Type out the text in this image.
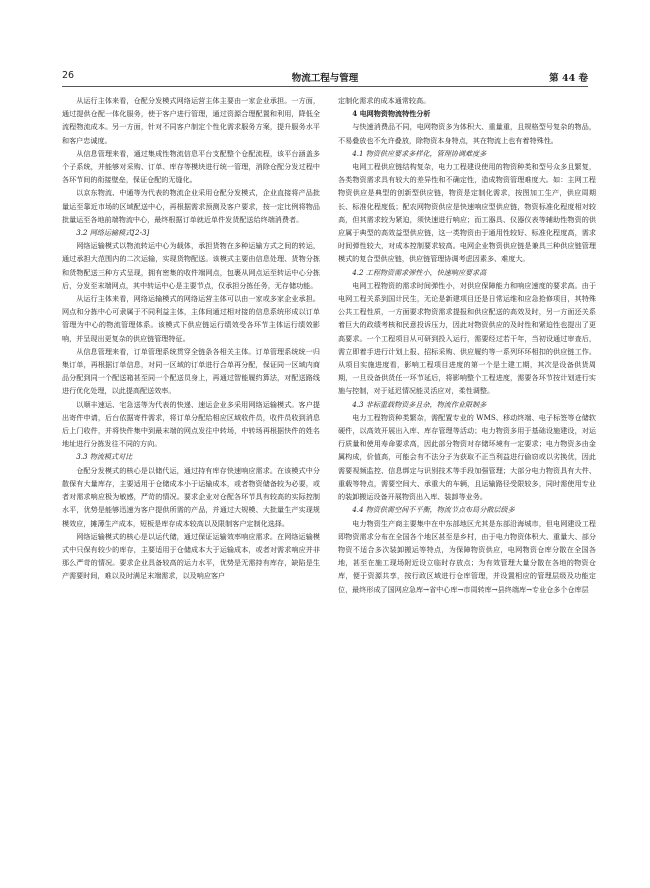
26	物流工程与管理	第 44 卷

从运行主体来看，仓配分发模式网络运营主体主要由一家企业承担。一方面，通过提供仓配一体化服务，使于客户进行管理，通过资源合理配置和利用，降低全流程物流成本。另一方面，针对不同客户制定个性化需求服务方案，提升服务水平和客户忠诚度。

从信息管理来看，通过集成性物流信息平台支配整个仓配流程，该平台涵盖多个子系统，并能够对采购、订单、库存等模块进行统一管理，消除仓配分发过程中各环节间的衔接壁垒，保证仓配的无缝化。

以京东物流、中通等为代表的物流企业采用仓配分发模式，企业直接将产品批量运至靠近市场的区域配送中心，再根据需求预测及客户要求，按一定比例将物品批量运至各地前端物流中心，最终根据订单就近单件发货配送给终端消费者。

3.2 网络运输模式[2-3]

网络运输模式以物流转运中心为载体，承担货物在多种运输方式之间的转运，通过承担大范围内的二次运输，实现货物配送。该模式主要由信息处理、货物分拣和货物配送三种方式呈现，拥有密集的收件端网点，包裹从网点运至转运中心分拣后，分发至末端网点，其中转运中心是主要节点，仅承担分拣任务，无存储功能。

从运行主体来看，网络运输模式的网络运营主体可以由一家或多家企业承担。网点和分拣中心可隶属于不同利益主体，主体间通过相对接的信息系统形成以订单管理为中心的物流管理体系。该模式下供应链运行绩效受各环节主体运行绩效影响，并呈现出更复杂的供应链管理特征。

从信息管理来看，订单管理系统贯穿全链条各相关主体。订单管理系统统一归集订单，再根据订单信息，对同一区域的订单进行合单再分配，保证同一区域内商品分配到同一个配送箱甚至同一个配送员身上，再通过智能履约算法，对配送路线进行优化处理，以此提高配送效率。

以顺丰速运、宅急送等为代表的快递、速运企业多采用网络运输模式。客户提出寄件申请，后台依据寄件需求，将订单分配给相应区域收件员，收件员收到消息后上门收件，并将快件集中到最末端的网点发往中转场，中转场再根据快件的姓名地址进行分拣发往不同的方向。

3.3 物流模式对比

仓配分发模式的核心是以储代运，通过持有库存快速响应需求。在该模式中分散保有大量库存，主要适用于仓储成本小于运输成本，或者物资储备较为必要，或者对需求响应极为敏感，严苛的情况。要求企业对仓配各环节具有较高的实际控制水平，优势是能够迅速为客户提供所需的产品，并通过大规模、大批量生产实现规模效应，摊薄生产成本，短板是库存成本较高以及限制客户定制化选择。

网络运输模式的核心是以运代储，通过保证运输效率响应需求。在网络运输模式中只保有较少的库存，主要适用于仓储成本大于运输成本，或者对需求响应并非那么严苛的情况。要求企业具备较高的运力水平，优势是无需持有库存，缺陷是生产需要时间，难以及时满足末端需求，以及响应客户

定制化需求的成本通常较高。

4 电网物资物流特性分析

与快速消费品不同，电网物资多为体积大、重量重，且规格型号复杂的物品，不易叠放也不允许叠放，除物资本身特点，其在物流上也有着特殊性。

4.1 物资供应要求多样化，管理协调难度多

电网工程供应链结构复杂，电力工程建设使用的物资种类和型号众多且繁复，各类物资需求具有较大的差异性和不确定性，造成物资管理难度大。如：主网工程物资供应是典型的创新型供应链，物资是定制化需求，按图加工生产，供应周期长、标准化程度低；配农网物资供应是快速响应型供应链，物资标准化程度相对较高，但其需求较为紧迫，须快速进行响应；而工器具、仪器仪表等辅助性物资的供应属于典型的高效益型供应链，这一类物资由于通用性较好、标准化程度高，需求时间弹性较大，对成本控制要求较高。电网企业物资供应链是兼具三种供应链管理模式的复合型供应链，供应链管理协调考虑因素多、难度大。

4.2 工程物资需求弹性小，快速响应要求高

电网工程物资的需求时间弹性小，对供应保障能力和响应速度的要求高。由于电网工程关系到国计民生，无论是新建项目还是日常运维和应急抢修项目，其特殊公共工程性质，一方面要求物资需求提报和供应配送的高效及时，另一方面还关系着巨大的政绩考核和民意投诉压力，因此对物资供应的及时性和紧迫性也提出了更高要求。一个工程项目从可研到投入运行，需要经过若干年，当初设通过审查后，需立即着手进行计划上报、招标采购、供应履约等一系列环环相扣的供应链工作。从项目实施进度看，影响工程项目进度的第一个是土建工期，其次是设备供货周期，一旦设备供货任一环节延后，将影响整个工程进度，需要各环节按计划进行实施与控制，对于延迟情况能灵活应对，柔性调整。

4.3 非标重载物资多且杂，物流作业限制多

电力工程物资种类繁杂，需配置专业的 WMS、移动终端、电子标签等仓储软硬件，以高效开展出入库、库存管理等活动；电力物资多用于基础设施建设，对运行质量和使用寿命要求高，因此部分物资对存储环境有一定要求；电力物资多由金属构成，价值高，可能会有不法分子为获取不正当利益进行偷窃或以劣换优，因此需要视频监控、信息绑定与识别技术等手段加强管理；大部分电力物资具有大件、重载等特点，需要空间大、承重大的车辆，且运输路径受限较多，同时需使用专业的装卸搬运设备开展物资出入库、装卸等业务。

4.4 物资供需空间不平衡，物流节点布局分散层级多

电力物资生产商主要集中在中东部地区尤其是东部沿海城市，但电网建设工程即物资需求分布在全国各个地区甚至是乡村，由于电力物资体积大、重量大、部分物资不适合多次装卸搬运等特点，为保障物资供应，电网物资仓库分散在全国各地，甚至在施工现场附近设立临时存放点；为有效管理大量分散在各地的物资仓库，便于资源共享，按行政区域进行仓库管理，并设置相应的管理层级及功能定位，最终形成了国网应急库→省中心库→市周转库→县终端库→专业仓多个仓库层
